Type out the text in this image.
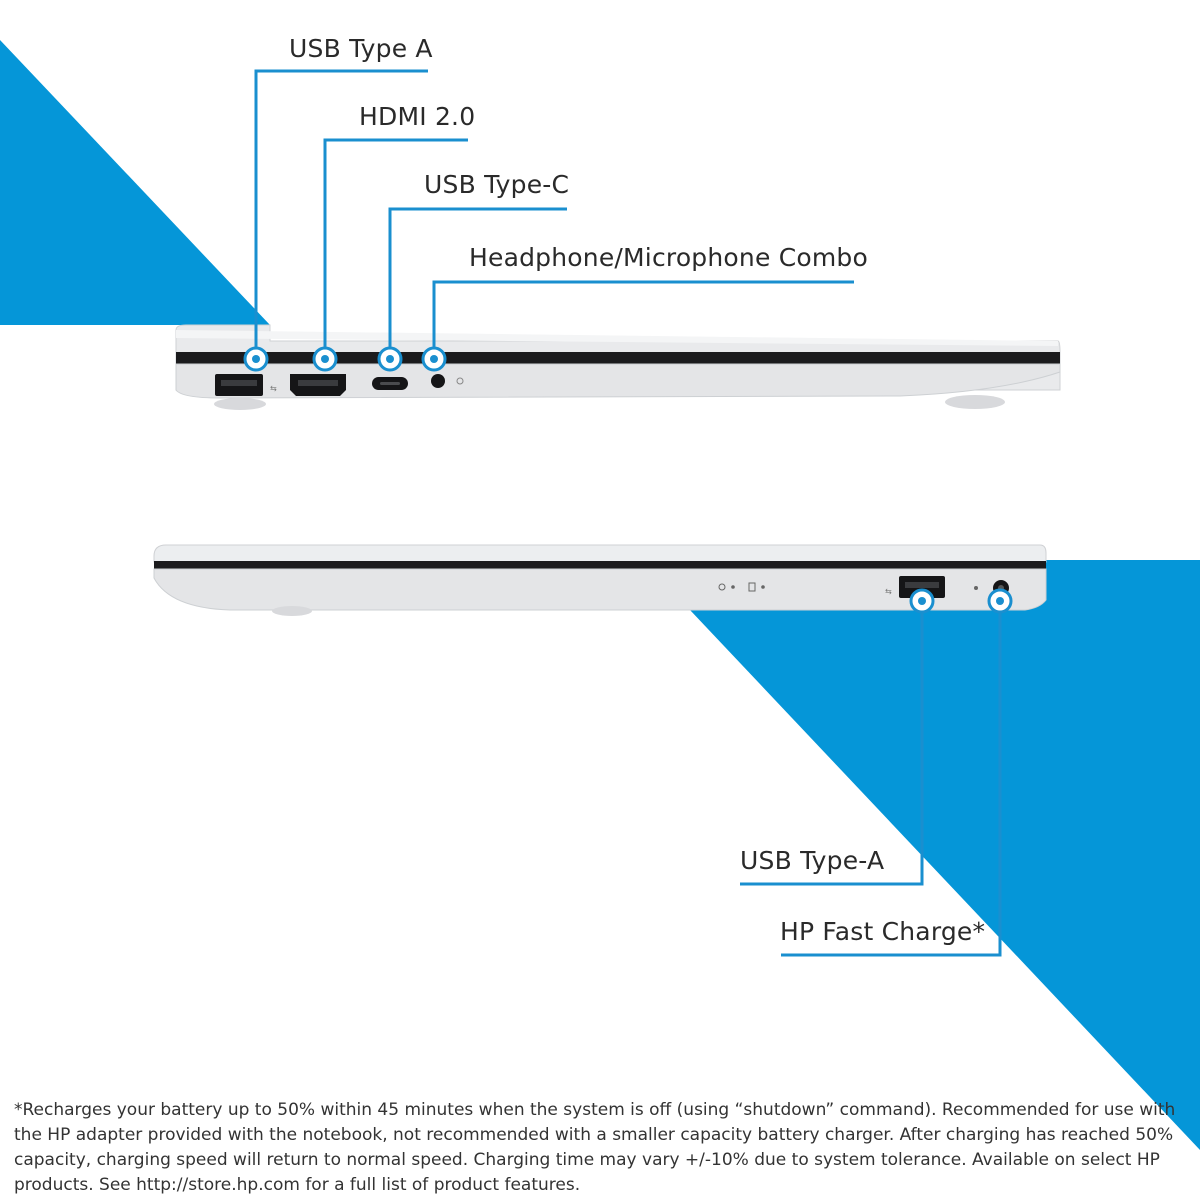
⇆
⇆
USB Type A
HDMI 2.0
USB Type-C
Headphone/Microphone Combo
USB Type-A
HP Fast Charge*

*Recharges your battery up to 50% within 45 minutes when the system is off (using “shutdown” command). Recommended for use with the HP adapter provided with the notebook, not recommended with a smaller capacity battery charger. After charging has reached 50% capacity, charging speed will return to normal speed. Charging time may vary +/-10% due to system tolerance. Available on select HP products. See http://store.hp.com for a full list of product features.
